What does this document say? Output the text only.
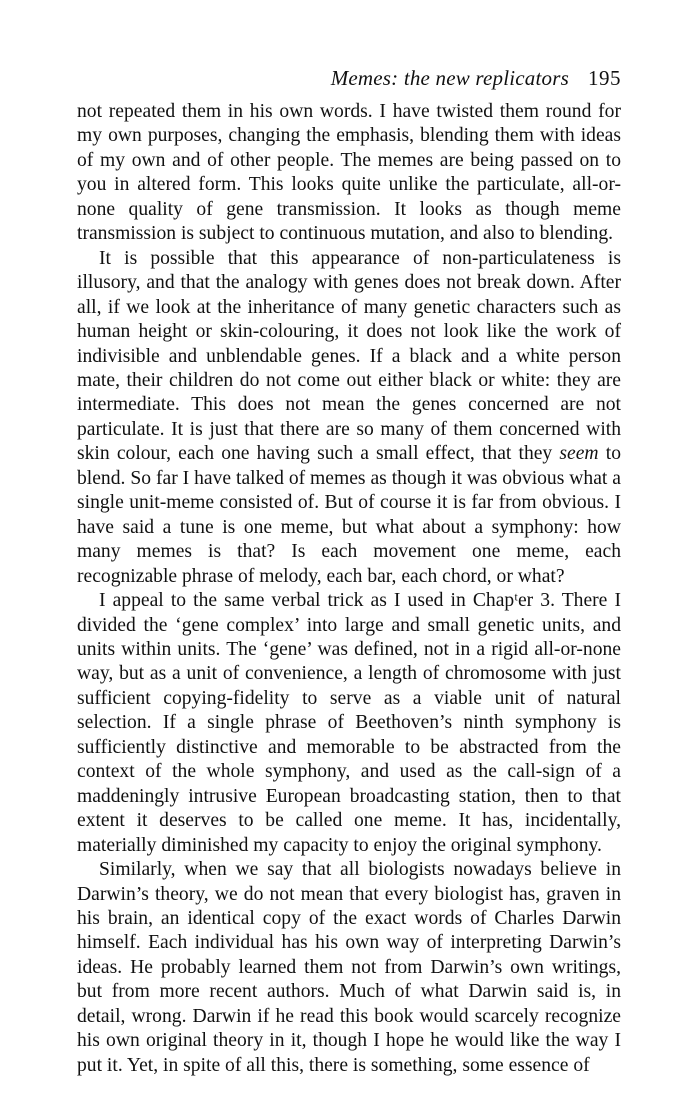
Memes: the new replicators 195

not repeated them in his own words. I have twisted them round for my own purposes, changing the emphasis, blending them with ideas of my own and of other people. The memes are being passed on to you in altered form. This looks quite unlike the particulate, all-or-none quality of gene transmission. It looks as though meme transmission is subject to continuous mutation, and also to blending.

It is possible that this appearance of non-particulateness is illusory, and that the analogy with genes does not break down. After all, if we look at the inheritance of many genetic characters such as human height or skin-colouring, it does not look like the work of indivisible and unblendable genes. If a black and a white person mate, their children do not come out either black or white: they are intermediate. This does not mean the genes concerned are not particulate. It is just that there are so many of them concerned with skin colour, each one having such a small effect, that they seem to blend. So far I have talked of memes as though it was obvious what a single unit-meme consisted of. But of course it is far from obvious. I have said a tune is one meme, but what about a symphony: how many memes is that? Is each movement one meme, each recognizable phrase of melody, each bar, each chord, or what?

I appeal to the same verbal trick as I used in Chapᵗer 3. There I divided the ‘gene complex’ into large and small genetic units, and units within units. The ‘gene’ was defined, not in a rigid all-or-none way, but as a unit of convenience, a length of chromosome with just sufficient copying-fidelity to serve as a viable unit of natural selection. If a single phrase of Beethoven’s ninth symphony is sufficiently distinctive and memorable to be abstracted from the context of the whole symphony, and used as the call-sign of a maddeningly intrusive European broadcasting station, then to that extent it deserves to be called one meme. It has, incidentally, materially diminished my capacity to enjoy the original symphony.

Similarly, when we say that all biologists nowadays believe in Darwin’s theory, we do not mean that every biologist has, graven in his brain, an identical copy of the exact words of Charles Darwin himself. Each individual has his own way of interpreting Darwin’s ideas. He probably learned them not from Darwin’s own writings, but from more recent authors. Much of what Darwin said is, in detail, wrong. Darwin if he read this book would scarcely recognize his own original theory in it, though I hope he would like the way I put it. Yet, in spite of all this, there is something, some essence of
